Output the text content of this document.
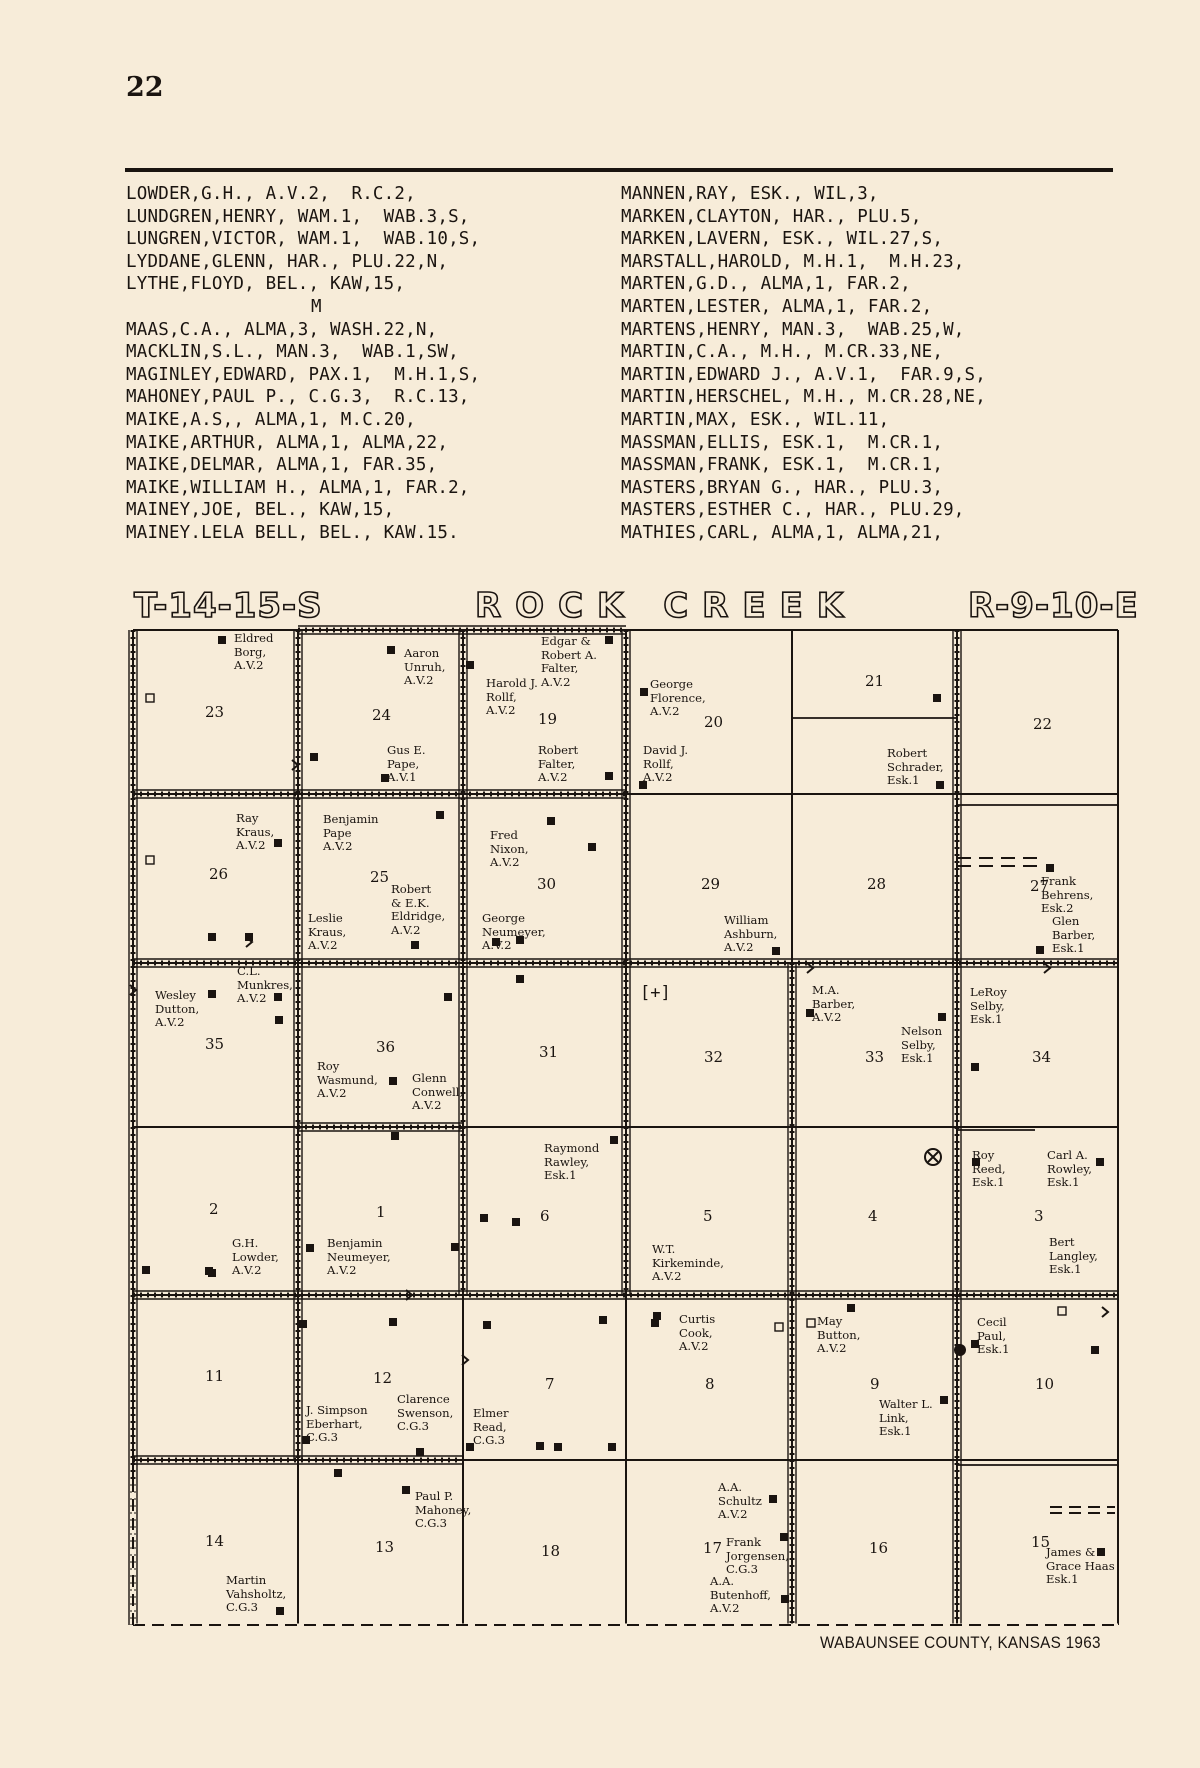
22
LOWDER,G.H., A.V.2,  R.C.2,
LUNDGREN,HENRY, WAM.1,  WAB.3,S,
LUNGREN,VICTOR, WAM.1,  WAB.10,S,
LYDDANE,GLENN, HAR., PLU.22,N,
LYTHE,FLOYD, BEL., KAW,15,
M
MAAS,C.A., ALMA,3, WASH.22,N,
MACKLIN,S.L., MAN.3,  WAB.1,SW,
MAGINLEY,EDWARD, PAX.1,  M.H.1,S,
MAHONEY,PAUL P., C.G.3,  R.C.13,
MAIKE,A.S,, ALMA,1, M.C.20,
MAIKE,ARTHUR, ALMA,1, ALMA,22,
MAIKE,DELMAR, ALMA,1, FAR.35,
MAIKE,WILLIAM H., ALMA,1, FAR.2,
MAINEY,JOE, BEL., KAW,15,
MAINEY.LELA BELL, BEL., KAW.15.
MANNEN,RAY, ESK., WIL,3,
MARKEN,CLAYTON, HAR., PLU.5,
MARKEN,LAVERN, ESK., WIL.27,S,
MARSTALL,HAROLD, M.H.1,  M.H.23,
MARTEN,G.D., ALMA,1, FAR.2,
MARTEN,LESTER, ALMA,1, FAR.2,
MARTENS,HENRY, MAN.3,  WAB.25,W,
MARTIN,C.A., M.H., M.CR.33,NE,
MARTIN,EDWARD J., A.V.1,  FAR.9,S,
MARTIN,HERSCHEL, M.H., M.CR.28,NE,
MARTIN,MAX, ESK., WIL.11,
MASSMAN,ELLIS, ESK.1,  M.CR.1,
MASSMAN,FRANK, ESK.1,  M.CR.1,
MASTERS,BRYAN G., HAR., PLU.3,
MASTERS,ESTHER C., HAR., PLU.29,
MATHIES,CARL, ALMA,1, ALMA,21,
T-14-15-S	ROCK CREEK	R-9-10-E
[+]
23	24	19	20
21
22
26	25	30	29	28	27
35	36	31	32	33	34
2	1	6	5	4	3
11	12	7	8	9	10
14	13	18	17	16	15
Eldred
Borg,
A.V.2
Aaron
Unruh,
A.V.2
Edgar &
Robert A.
Falter,
A.V.2
Harold J.
Rollf,
A.V.2
George
Florence,
A.V.2
Gus E.
Pape,
A.V.1
Robert
Falter,
A.V.2
David J.
Rollf,
A.V.2
Robert
Schrader,
Esk.1
Ray
Kraus,
A.V.2
Benjamin
Pape
A.V.2
Fred
Nixon,
A.V.2
Robert
& E.K.
Eldridge,
A.V.2
Leslie
Kraus,
A.V.2
George
Neumeyer,
A.V.2
William
Ashburn,
A.V.2
Frank
Behrens,
Esk.2
Glen
Barber,
Esk.1
C.L.
Munkres,
A.V.2
Wesley
Dutton,
A.V.2
M.A.
Barber,
A.V.2
LeRoy
Selby,
Esk.1
Nelson
Selby,
Esk.1
Roy
Wasmund,
A.V.2
Glenn
Conwell,
A.V.2
Raymond
Rawley,
Esk.1
Roy
Reed,
Esk.1
Carl A.
Rowley,
Esk.1
G.H.
Lowder,
A.V.2
Benjamin
Neumeyer,
A.V.2
W.T.
Kirkeminde,
A.V.2
Bert
Langley,
Esk.1
Curtis
Cook,
A.V.2
May
Button,
A.V.2
Cecil
Paul,
Esk.1
Clarence
Swenson,
C.G.3
J. Simpson
Eberhart,
C.G.3
Elmer
Read,
C.G.3
Walter L.
Link,
Esk.1
Paul P.
Mahoney,
C.G.3
A.A.
Schultz
A.V.2
Frank
Jorgensen,
C.G.3
A.A.
Butenhoff,
A.V.2
James &
Grace Haas
Esk.1
Martin
Vahsholtz,
C.G.3
WABAUNSEE COUNTY, KANSAS 1963
